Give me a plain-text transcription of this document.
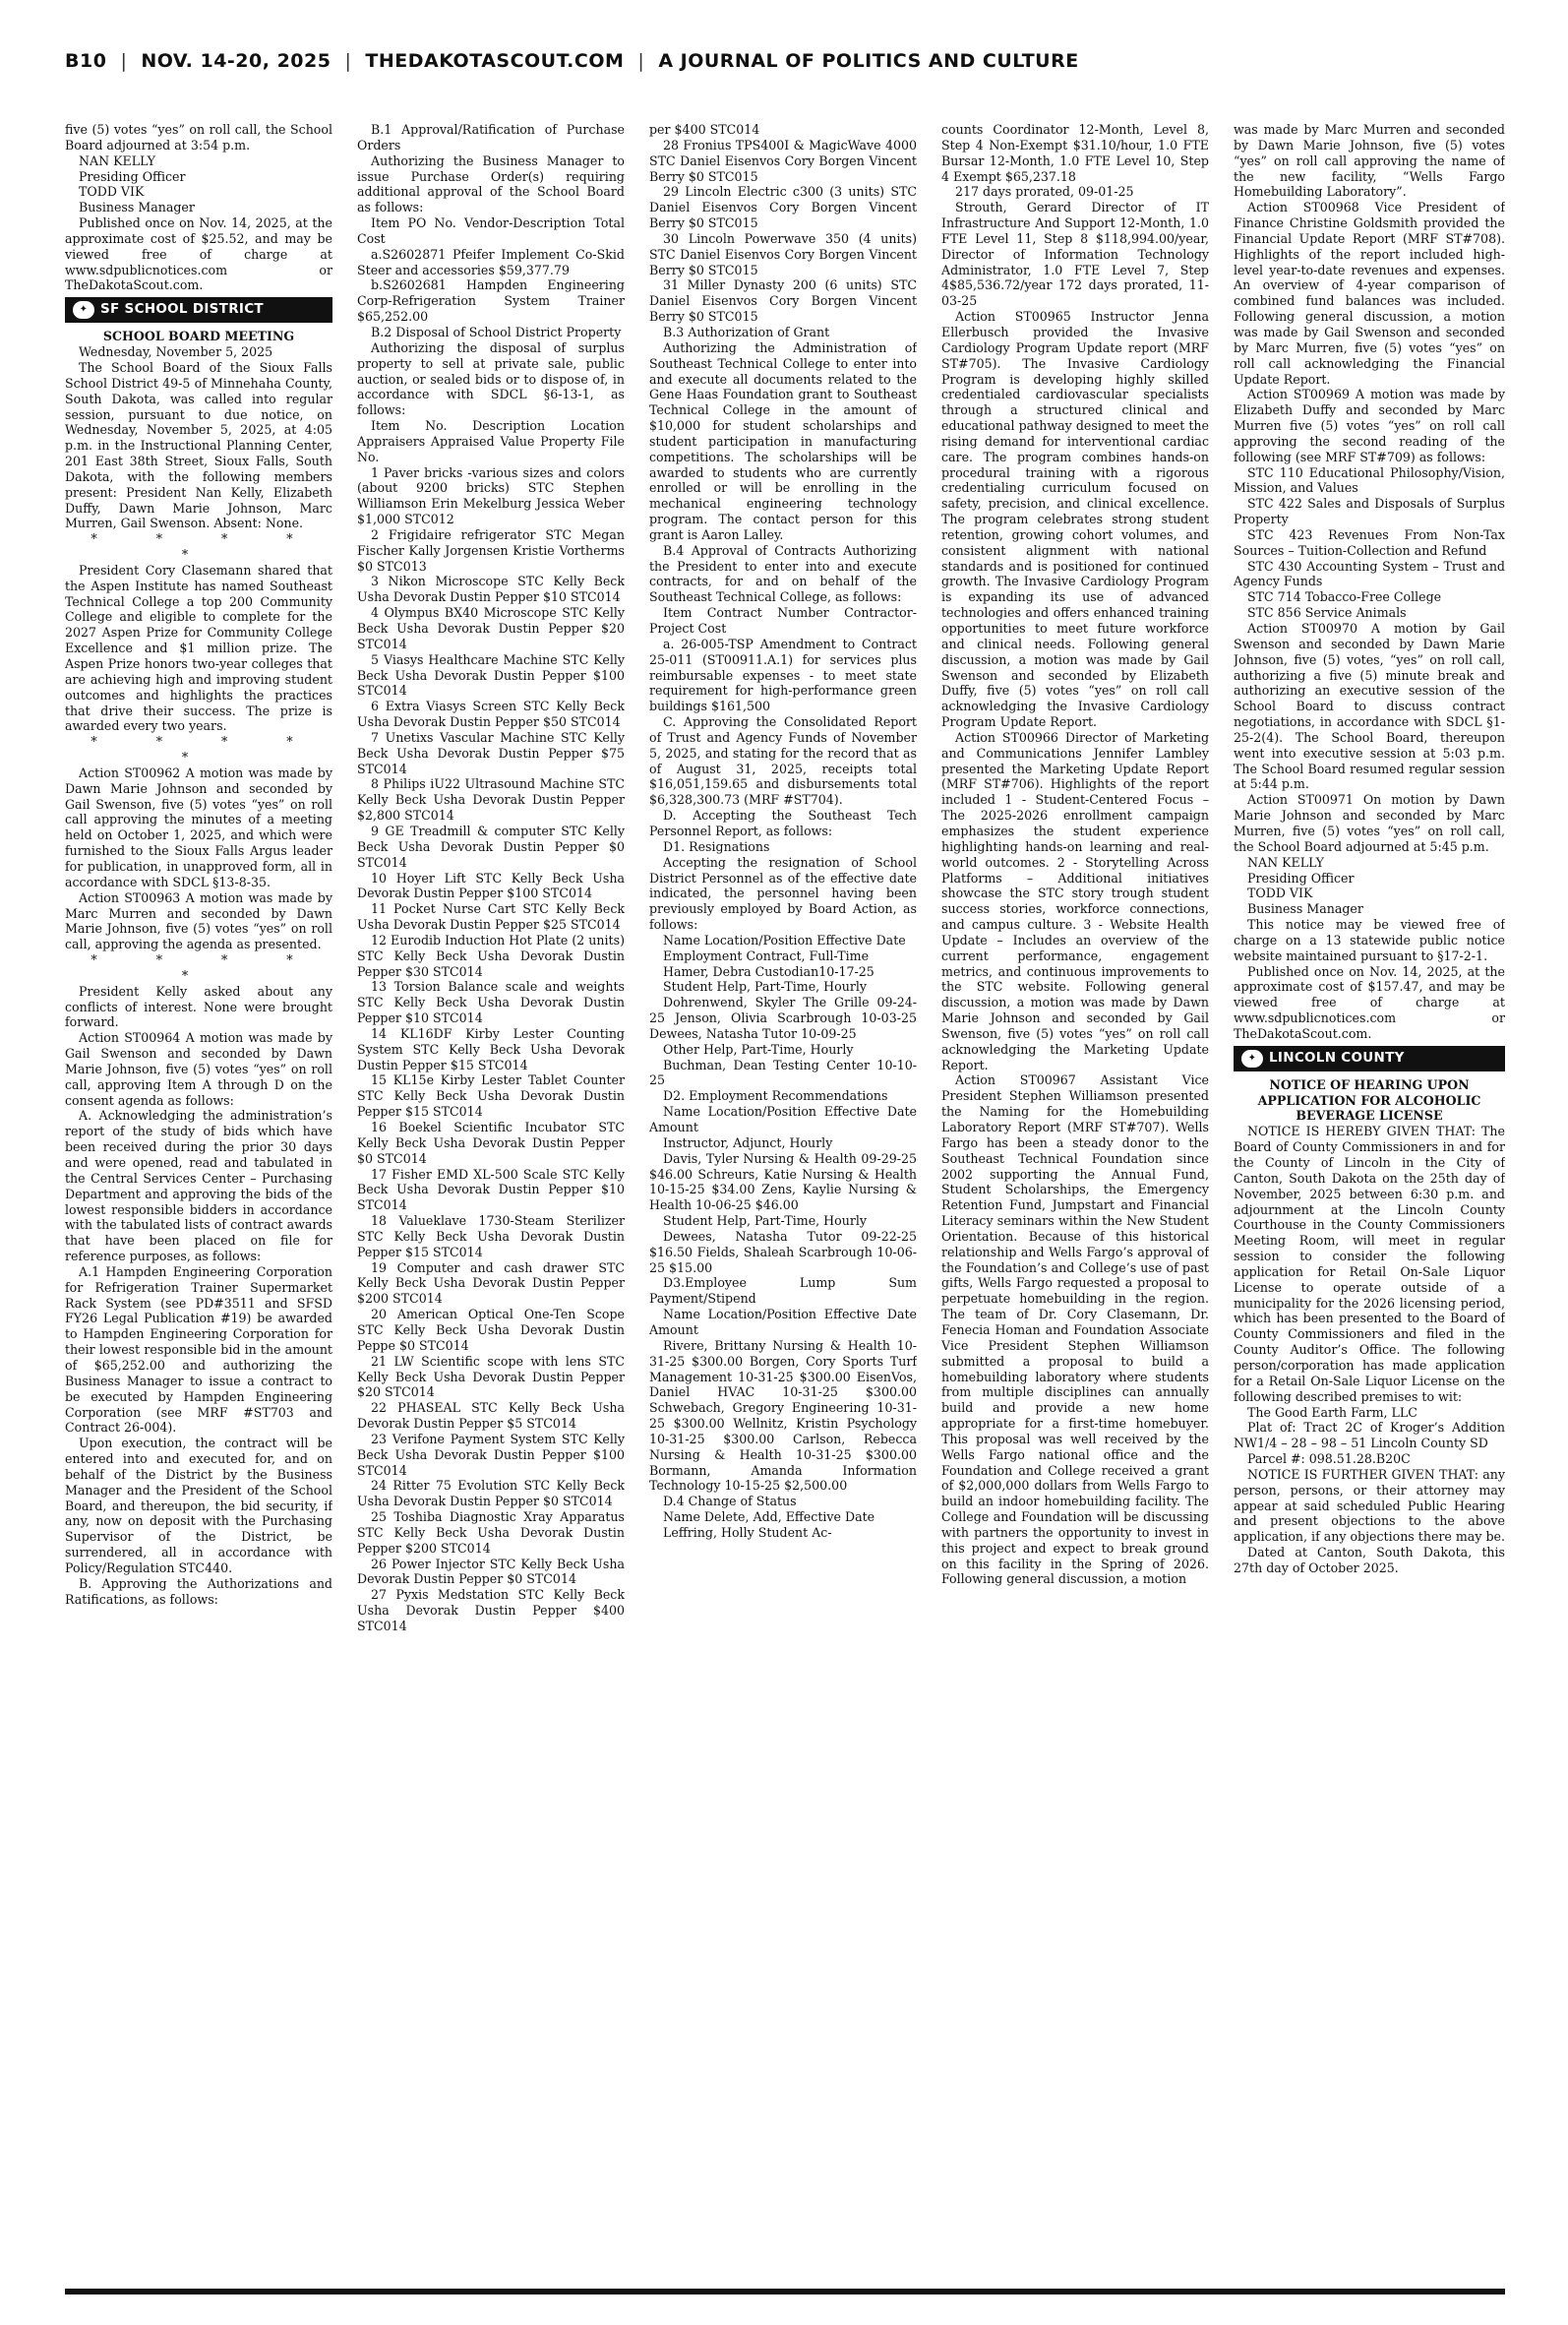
B10 | NOV. 14-20, 2025 | THEDAKOTASCOUT.COM | A JOURNAL OF POLITICS AND CULTURE

five (5) votes “yes” on roll call, the School Board adjourned at 3:54 p.m.

NAN KELLY

Presiding Officer

TODD VIK

Business Manager

Published once on Nov. 14, 2025, at the approximate cost of $25.52, and may be viewed free of charge at www.sdpublicnotices.com or TheDakotaScout.com.

✦ SF SCHOOL DISTRICT

SCHOOL BOARD MEETING

Wednesday, November 5, 2025

The School Board of the Sioux Falls School District 49-5 of Minnehaha County, South Dakota, was called into regular session, pursuant to due notice, on Wednesday, November 5, 2025, at 4:05 p.m. in the Instructional Planning Center, 201 East 38th Street, Sioux Falls, South Dakota, with the following members present: President Nan Kelly, Elizabeth Duffy, Dawn Marie Johnson, Marc Murren, Gail Swenson. Absent: None.

* * * * *

President Cory Clasemann shared that the Aspen Institute has named Southeast Technical College a top 200 Community College and eligible to complete for the 2027 Aspen Prize for Community College Excellence and $1 million prize. The Aspen Prize honors two-year colleges that are achieving high and improving student outcomes and highlights the practices that drive their success. The prize is awarded every two years.

* * * * *

Action ST00962 A motion was made by Dawn Marie Johnson and seconded by Gail Swenson, five (5) votes “yes” on roll call approving the minutes of a meeting held on October 1, 2025, and which were furnished to the Sioux Falls Argus leader for publication, in unapproved form, all in accordance with SDCL §13-8-35.

Action ST00963 A motion was made by Marc Murren and seconded by Dawn Marie Johnson, five (5) votes “yes” on roll call, approving the agenda as presented.

* * * * *

President Kelly asked about any conflicts of interest. None were brought forward.

Action ST00964 A motion was made by Gail Swenson and seconded by Dawn Marie Johnson, five (5) votes “yes” on roll call, approving Item A through D on the consent agenda as follows:

A. Acknowledging the administration’s report of the study of bids which have been received during the prior 30 days and were opened, read and tabulated in the Central Services Center – Purchasing Department and approving the bids of the lowest responsible bidders in accordance with the tabulated lists of contract awards that have been placed on file for reference purposes, as follows:

A.1 Hampden Engineering Corporation for Refrigeration Trainer Supermarket Rack System (see PD#3511 and SFSD FY26 Legal Publication #19) be awarded to Hampden Engineering Corporation for their lowest responsible bid in the amount of $65,252.00 and authorizing the Business Manager to issue a contract to be executed by Hampden Engineering Corporation (see MRF #ST703 and Contract 26-004).

Upon execution, the contract will be entered into and executed for, and on behalf of the District by the Business Manager and the President of the School Board, and thereupon, the bid security, if any, now on deposit with the Purchasing Supervisor of the District, be surrendered, all in accordance with Policy/Regulation STC440.

B. Approving the Authorizations and Ratifications, as follows:

B.1 Approval/Ratification of Purchase Orders

Authorizing the Business Manager to issue Purchase Order(s) requiring additional approval of the School Board as follows:

Item PO No. Vendor-Description Total Cost

a.S2602871 Pfeifer Implement Co-Skid Steer and accessories $59,377.79

b.S2602681 Hampden Engineering Corp-Refrigeration System Trainer $65,252.00

B.2 Disposal of School District Property

Authorizing the disposal of surplus property to sell at private sale, public auction, or sealed bids or to dispose of, in accordance with SDCL §6-13-1, as follows:

Item No. Description Location Appraisers Appraised Value Property File No.

1 Paver bricks -various sizes and colors (about 9200 bricks) STC Stephen Williamson Erin Mekelburg Jessica Weber $1,000 STC012

2 Frigidaire refrigerator STC Megan Fischer Kally Jorgensen Kristie Vortherms $0 STC013

3 Nikon Microscope STC Kelly Beck Usha Devorak Dustin Pepper $10 STC014

4 Olympus BX40 Microscope STC Kelly Beck Usha Devorak Dustin Pepper $20 STC014

5 Viasys Healthcare Machine STC Kelly Beck Usha Devorak Dustin Pepper $100 STC014

6 Extra Viasys Screen STC Kelly Beck Usha Devorak Dustin Pepper $50 STC014

7 Unetixs Vascular Machine STC Kelly Beck Usha Devorak Dustin Pepper $75 STC014

8 Philips iU22 Ultrasound Machine STC Kelly Beck Usha Devorak Dustin Pepper $2,800 STC014

9 GE Treadmill & computer STC Kelly Beck Usha Devorak Dustin Pepper $0 STC014

10 Hoyer Lift STC Kelly Beck Usha Devorak Dustin Pepper $100 STC014

11 Pocket Nurse Cart STC Kelly Beck Usha Devorak Dustin Pepper $25 STC014

12 Eurodib Induction Hot Plate (2 units) STC Kelly Beck Usha Devorak Dustin Pepper $30 STC014

13 Torsion Balance scale and weights STC Kelly Beck Usha Devorak Dustin Pepper $10 STC014

14 KL16DF Kirby Lester Counting System STC Kelly Beck Usha Devorak Dustin Pepper $15 STC014

15 KL15e Kirby Lester Tablet Counter STC Kelly Beck Usha Devorak Dustin Pepper $15 STC014

16 Boekel Scientific Incubator STC Kelly Beck Usha Devorak Dustin Pepper $0 STC014

17 Fisher EMD XL-500 Scale STC Kelly Beck Usha Devorak Dustin Pepper $10 STC014

18 Valueklave 1730-Steam Sterilizer STC Kelly Beck Usha Devorak Dustin Pepper $15 STC014

19 Computer and cash drawer STC Kelly Beck Usha Devorak Dustin Pepper $200 STC014

20 American Optical One-Ten Scope STC Kelly Beck Usha Devorak Dustin Peppe $0 STC014

21 LW Scientific scope with lens STC Kelly Beck Usha Devorak Dustin Pepper $20 STC014

22 PHASEAL STC Kelly Beck Usha Devorak Dustin Pepper $5 STC014

23 Verifone Payment System STC Kelly Beck Usha Devorak Dustin Pepper $100 STC014

24 Ritter 75 Evolution STC Kelly Beck Usha Devorak Dustin Pepper $0 STC014

25 Toshiba Diagnostic Xray Apparatus STC Kelly Beck Usha Devorak Dustin Pepper $200 STC014

26 Power Injector STC Kelly Beck Usha Devorak Dustin Pepper $0 STC014

27 Pyxis Medstation STC Kelly Beck Usha Devorak Dustin Pepper $400 STC014

per $400 STC014

28 Fronius TPS400I & MagicWave 4000 STC Daniel Eisenvos Cory Borgen Vincent Berry $0 STC015

29 Lincoln Electric c300 (3 units) STC Daniel Eisenvos Cory Borgen Vincent Berry $0 STC015

30 Lincoln Powerwave 350 (4 units) STC Daniel Eisenvos Cory Borgen Vincent Berry $0 STC015

31 Miller Dynasty 200 (6 units) STC Daniel Eisenvos Cory Borgen Vincent Berry $0 STC015

B.3 Authorization of Grant

Authorizing the Administration of Southeast Technical College to enter into and execute all documents related to the Gene Haas Foundation grant to Southeast Technical College in the amount of $10,000 for student scholarships and student participation in manufacturing competitions. The scholarships will be awarded to students who are currently enrolled or will be enrolling in the mechanical engineering technology program. The contact person for this grant is Aaron Lalley.

B.4 Approval of Contracts Authorizing the President to enter into and execute contracts, for and on behalf of the Southeast Technical College, as follows:

Item Contract Number Contractor-Project Cost

a. 26-005-TSP Amendment to Contract 25-011 (ST00911.A.1) for services plus reimbursable expenses - to meet state requirement for high-performance green buildings $161,500

C. Approving the Consolidated Report of Trust and Agency Funds of November 5, 2025, and stating for the record that as of August 31, 2025, receipts total $16,051,159.65 and disbursements total $6,328,300.73 (MRF #ST704).

D. Accepting the Southeast Tech Personnel Report, as follows:

D1. Resignations

Accepting the resignation of School District Personnel as of the effective date indicated, the personnel having been previously employed by Board Action, as follows:

Name Location/Position Effective Date

Employment Contract, Full-Time

Hamer, Debra Custodian10-17-25

Student Help, Part-Time, Hourly

Dohrenwend, Skyler The Grille 09-24-25 Jenson, Olivia Scarbrough 10-03-25 Dewees, Natasha Tutor 10-09-25

Other Help, Part-Time, Hourly

Buchman, Dean Testing Center 10-10-25

D2. Employment Recommendations

Name Location/Position Effective Date Amount

Instructor, Adjunct, Hourly

Davis, Tyler Nursing & Health 09-29-25 $46.00 Schreurs, Katie Nursing & Health 10-15-25 $34.00 Zens, Kaylie Nursing & Health 10-06-25 $46.00

Student Help, Part-Time, Hourly

Dewees, Natasha Tutor 09-22-25 $16.50 Fields, Shaleah Scarbrough 10-06-25 $15.00

D3.Employee Lump Sum Payment/Stipend

Name Location/Position Effective Date Amount

Rivere, Brittany Nursing & Health 10-31-25 $300.00 Borgen, Cory Sports Turf Management 10-31-25 $300.00 EisenVos, Daniel HVAC 10-31-25 $300.00 Schwebach, Gregory Engineering 10-31-25 $300.00 Wellnitz, Kristin Psychology 10-31-25 $300.00 Carlson, Rebecca Nursing & Health 10-31-25 $300.00 Bormann, Amanda Information Technology 10-15-25 $2,500.00

D.4 Change of Status

Name Delete, Add, Effective Date

Leffring, Holly Student Ac-

counts Coordinator 12-Month, Level 8, Step 4 Non-Exempt $31.10/hour, 1.0 FTE Bursar 12-Month, 1.0 FTE Level 10, Step 4 Exempt $65,237.18

217 days prorated, 09-01-25

Strouth, Gerard Director of IT Infrastructure And Support 12-Month, 1.0 FTE Level 11, Step 8 $118,994.00/year, Director of Information Technology Administrator, 1.0 FTE Level 7, Step 4$85,536.72/year 172 days prorated, 11-03-25

Action ST00965 Instructor Jenna Ellerbusch provided the Invasive Cardiology Program Update report (MRF ST#705). The Invasive Cardiology Program is developing highly skilled credentialed cardiovascular specialists through a structured clinical and educational pathway designed to meet the rising demand for interventional cardiac care. The program combines hands-on procedural training with a rigorous credentialing curriculum focused on safety, precision, and clinical excellence. The program celebrates strong student retention, growing cohort volumes, and consistent alignment with national standards and is positioned for continued growth. The Invasive Cardiology Program is expanding its use of advanced technologies and offers enhanced training opportunities to meet future workforce and clinical needs. Following general discussion, a motion was made by Gail Swenson and seconded by Elizabeth Duffy, five (5) votes “yes” on roll call acknowledging the Invasive Cardiology Program Update Report.

Action ST00966 Director of Marketing and Communications Jennifer Lambley presented the Marketing Update Report (MRF ST#706). Highlights of the report included 1 - Student-Centered Focus – The 2025-2026 enrollment campaign emphasizes the student experience highlighting hands-on learning and real-world outcomes. 2 - Storytelling Across Platforms – Additional initiatives showcase the STC story trough student success stories, workforce connections, and campus culture. 3 - Website Health Update – Includes an overview of the current performance, engagement metrics, and continuous improvements to the STC website. Following general discussion, a motion was made by Dawn Marie Johnson and seconded by Gail Swenson, five (5) votes “yes” on roll call acknowledging the Marketing Update Report.

Action ST00967 Assistant Vice President Stephen Williamson presented the Naming for the Homebuilding Laboratory Report (MRF ST#707). Wells Fargo has been a steady donor to the Southeast Technical Foundation since 2002 supporting the Annual Fund, Student Scholarships, the Emergency Retention Fund, Jumpstart and Financial Literacy seminars within the New Student Orientation. Because of this historical relationship and Wells Fargo’s approval of the Foundation’s and College’s use of past gifts, Wells Fargo requested a proposal to perpetuate homebuilding in the region. The team of Dr. Cory Clasemann, Dr. Fenecia Homan and Foundation Associate Vice President Stephen Williamson submitted a proposal to build a homebuilding laboratory where students from multiple disciplines can annually build and provide a new home appropriate for a first-time homebuyer. This proposal was well received by the Wells Fargo national office and the Foundation and College received a grant of $2,000,000 dollars from Wells Fargo to build an indoor homebuilding facility. The College and Foundation will be discussing with partners the opportunity to invest in this project and expect to break ground on this facility in the Spring of 2026. Following general discussion, a motion

was made by Marc Murren and seconded by Dawn Marie Johnson, five (5) votes “yes” on roll call approving the name of the new facility, “Wells Fargo Homebuilding Laboratory”.

Action ST00968 Vice President of Finance Christine Goldsmith provided the Financial Update Report (MRF ST#708). Highlights of the report included high-level year-to-date revenues and expenses. An overview of 4-year comparison of combined fund balances was included. Following general discussion, a motion was made by Gail Swenson and seconded by Marc Murren, five (5) votes “yes” on roll call acknowledging the Financial Update Report.

Action ST00969 A motion was made by Elizabeth Duffy and seconded by Marc Murren five (5) votes “yes” on roll call approving the second reading of the following (see MRF ST#709) as follows:

STC 110 Educational Philosophy/Vision, Mission, and Values

STC 422 Sales and Disposals of Surplus Property

STC 423 Revenues From Non-Tax Sources – Tuition-Collection and Refund

STC 430 Accounting System – Trust and Agency Funds

STC 714 Tobacco-Free College

STC 856 Service Animals

Action ST00970 A motion by Gail Swenson and seconded by Dawn Marie Johnson, five (5) votes, “yes” on roll call, authorizing a five (5) minute break and authorizing an executive session of the School Board to discuss contract negotiations, in accordance with SDCL §1-25-2(4). The School Board, thereupon went into executive session at 5:03 p.m. The School Board resumed regular session at 5:44 p.m.

Action ST00971 On motion by Dawn Marie Johnson and seconded by Marc Murren, five (5) votes “yes” on roll call, the School Board adjourned at 5:45 p.m.

NAN KELLY

Presiding Officer

TODD VIK

Business Manager

This notice may be viewed free of charge on a 13 statewide public notice website maintained pursuant to §17-2-1.

Published once on Nov. 14, 2025, at the approximate cost of $157.47, and may be viewed free of charge at www.sdpublicnotices.com or TheDakotaScout.com.

✦ LINCOLN COUNTY

NOTICE OF HEARING UPON APPLICATION FOR ALCOHOLIC BEVERAGE LICENSE

NOTICE IS HEREBY GIVEN THAT: The Board of County Commissioners in and for the County of Lincoln in the City of Canton, South Dakota on the 25th day of November, 2025 between 6:30 p.m. and adjournment at the Lincoln County Courthouse in the County Commissioners Meeting Room, will meet in regular session to consider the following application for Retail On-Sale Liquor License to operate outside of a municipality for the 2026 licensing period, which has been presented to the Board of County Commissioners and filed in the County Auditor’s Office. The following person/corporation has made application for a Retail On-Sale Liquor License on the following described premises to wit:

The Good Earth Farm, LLC

Plat of: Tract 2C of Kroger’s Addition NW1/4 – 28 – 98 – 51 Lincoln County SD

Parcel #: 098.51.28.B20C

NOTICE IS FURTHER GIVEN THAT: any person, persons, or their attorney may appear at said scheduled Public Hearing and present objections to the above application, if any objections there may be.

Dated at Canton, South Dakota, this 27th day of October 2025.
